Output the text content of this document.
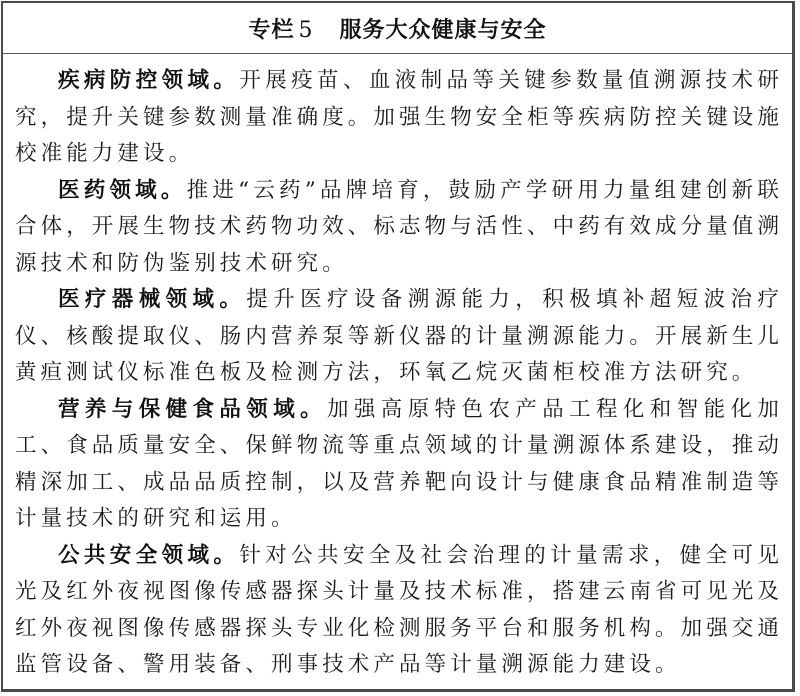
专栏 5 服务大众健康与安全

疾病防控领域。开展疫苗、血液制品等关键参数量值溯源技术研究，提升关键参数测量准确度。加强生物安全柜等疾病防控关键设施校准能力建设。

医药领域。推进“云药”品牌培育，鼓励产学研用力量组建创新联合体，开展生物技术药物功效、标志物与活性、中药有效成分量值溯源技术和防伪鉴别技术研究。

医疗器械领域。提升医疗设备溯源能力，积极填补超短波治疗仪、核酸提取仪、肠内营养泵等新仪器的计量溯源能力。开展新生儿黄疸测试仪标准色板及检测方法，环氧乙烷灭菌柜校准方法研究。

营养与保健食品领域。加强高原特色农产品工程化和智能化加工、食品质量安全、保鲜物流等重点领域的计量溯源体系建设，推动精深加工、成品品质控制，以及营养靶向设计与健康食品精准制造等计量技术的研究和运用。

公共安全领域。针对公共安全及社会治理的计量需求，健全可见光及红外夜视图像传感器探头计量及技术标准，搭建云南省可见光及红外夜视图像传感器探头专业化检测服务平台和服务机构。加强交通监管设备、警用装备、刑事技术产品等计量溯源能力建设。
